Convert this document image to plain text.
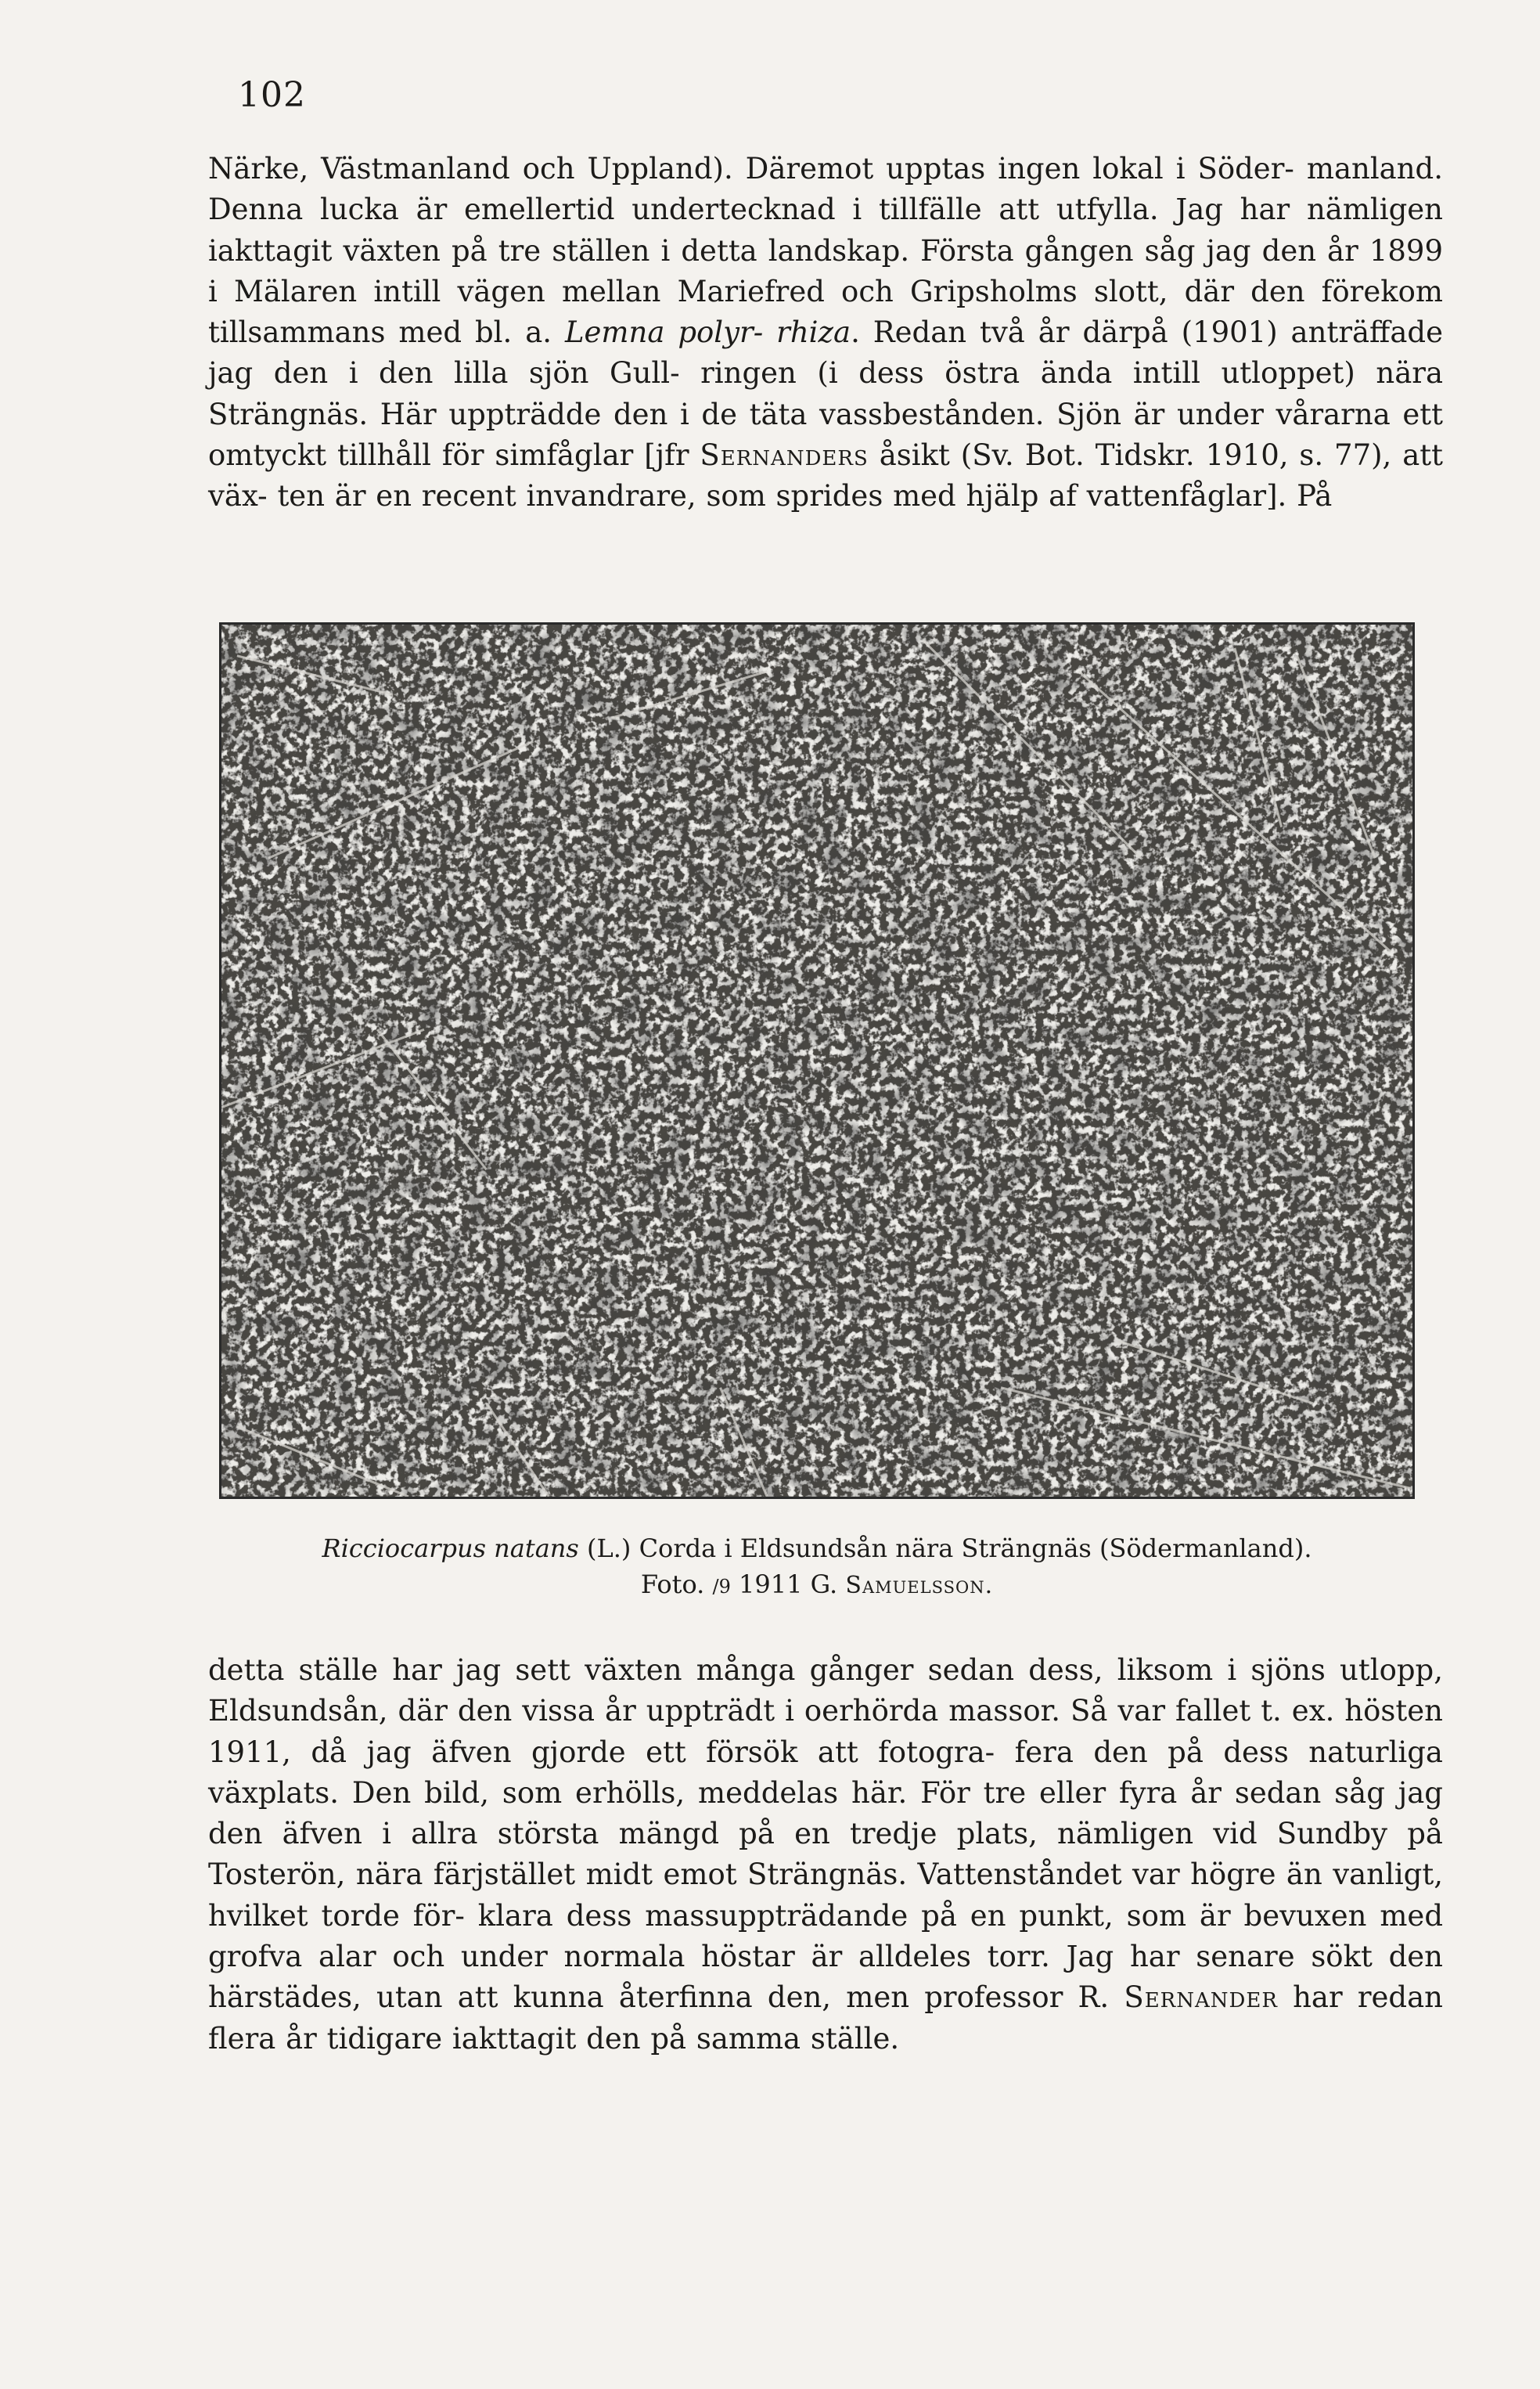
102

Närke, Västmanland och Uppland). Däremot upptas ingen lokal i Söder- manland. Denna lucka är emellertid undertecknad i tillfälle att utfylla. Jag har nämligen iakttagit växten på tre ställen i detta landskap. Första gången såg jag den år 1899 i Mälaren intill vägen mellan Mariefred och Gripsholms slott, där den förekom tillsammans med bl. a. Lemna polyr- rhiza. Redan två år därpå (1901) anträffade jag den i den lilla sjön Gull- ringen (i dess östra ända intill utloppet) nära Strängnäs. Här uppträdde den i de täta vassbestånden. Sjön är under vårarna ett omtyckt tillhåll för simfåglar [jfr Sernanders åsikt (Sv. Bot. Tidskr. 1910, s. 77), att väx- ten är en recent invandrare, som sprides med hjälp af vattenfåglar]. På

Ricciocarpus natans (L.) Corda i Eldsundsån nära Strängnäs (Södermanland).
Foto. /9 1911 G. Samuelsson.

detta ställe har jag sett växten många gånger sedan dess, liksom i sjöns utlopp, Eldsundsån, där den vissa år uppträdt i oerhörda massor. Så var fallet t. ex. hösten 1911, då jag äfven gjorde ett försök att fotogra- fera den på dess naturliga växplats. Den bild, som erhölls, meddelas här. För tre eller fyra år sedan såg jag den äfven i allra största mängd på en tredje plats, nämligen vid Sundby på Tosterön, nära färjstället midt emot Strängnäs. Vattenståndet var högre än vanligt, hvilket torde för- klara dess massuppträdande på en punkt, som är bevuxen med grofva alar och under normala höstar är alldeles torr. Jag har senare sökt den härstädes, utan att kunna återfinna den, men professor R. Sernander har redan flera år tidigare iakttagit den på samma ställe.
